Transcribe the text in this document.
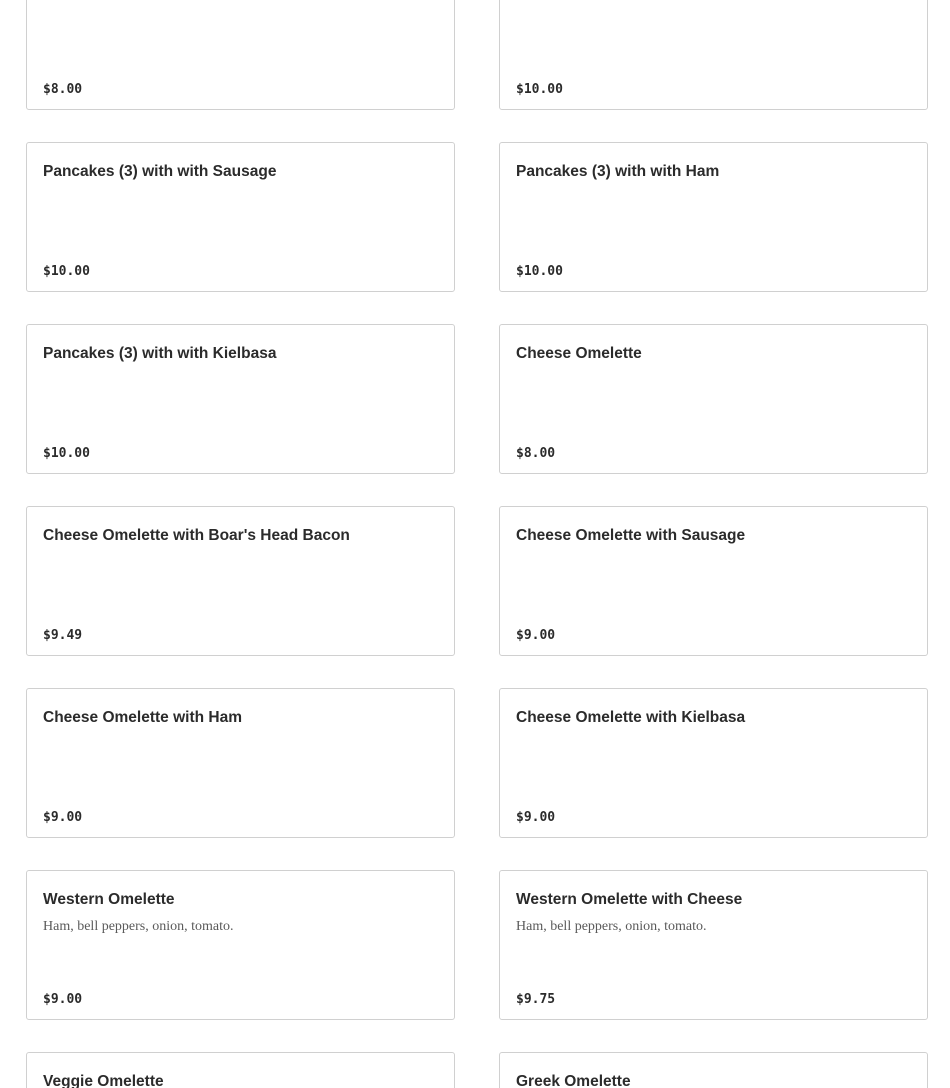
$8.00	$10.00
Pancakes (3) with with Sausage
$10.00
Pancakes (3) with with Ham
$10.00
Pancakes (3) with with Kielbasa
$10.00
Cheese Omelette
$8.00
Cheese Omelette with Boar's Head Bacon
$9.49
Cheese Omelette with Sausage
$9.00
Cheese Omelette with Ham
$9.00
Cheese Omelette with Kielbasa
$9.00
Western Omelette
Ham, bell peppers, onion, tomato.
$9.00
Western Omelette with Cheese
Ham, bell peppers, onion, tomato.
$9.75
Veggie Omelette	Greek Omelette
